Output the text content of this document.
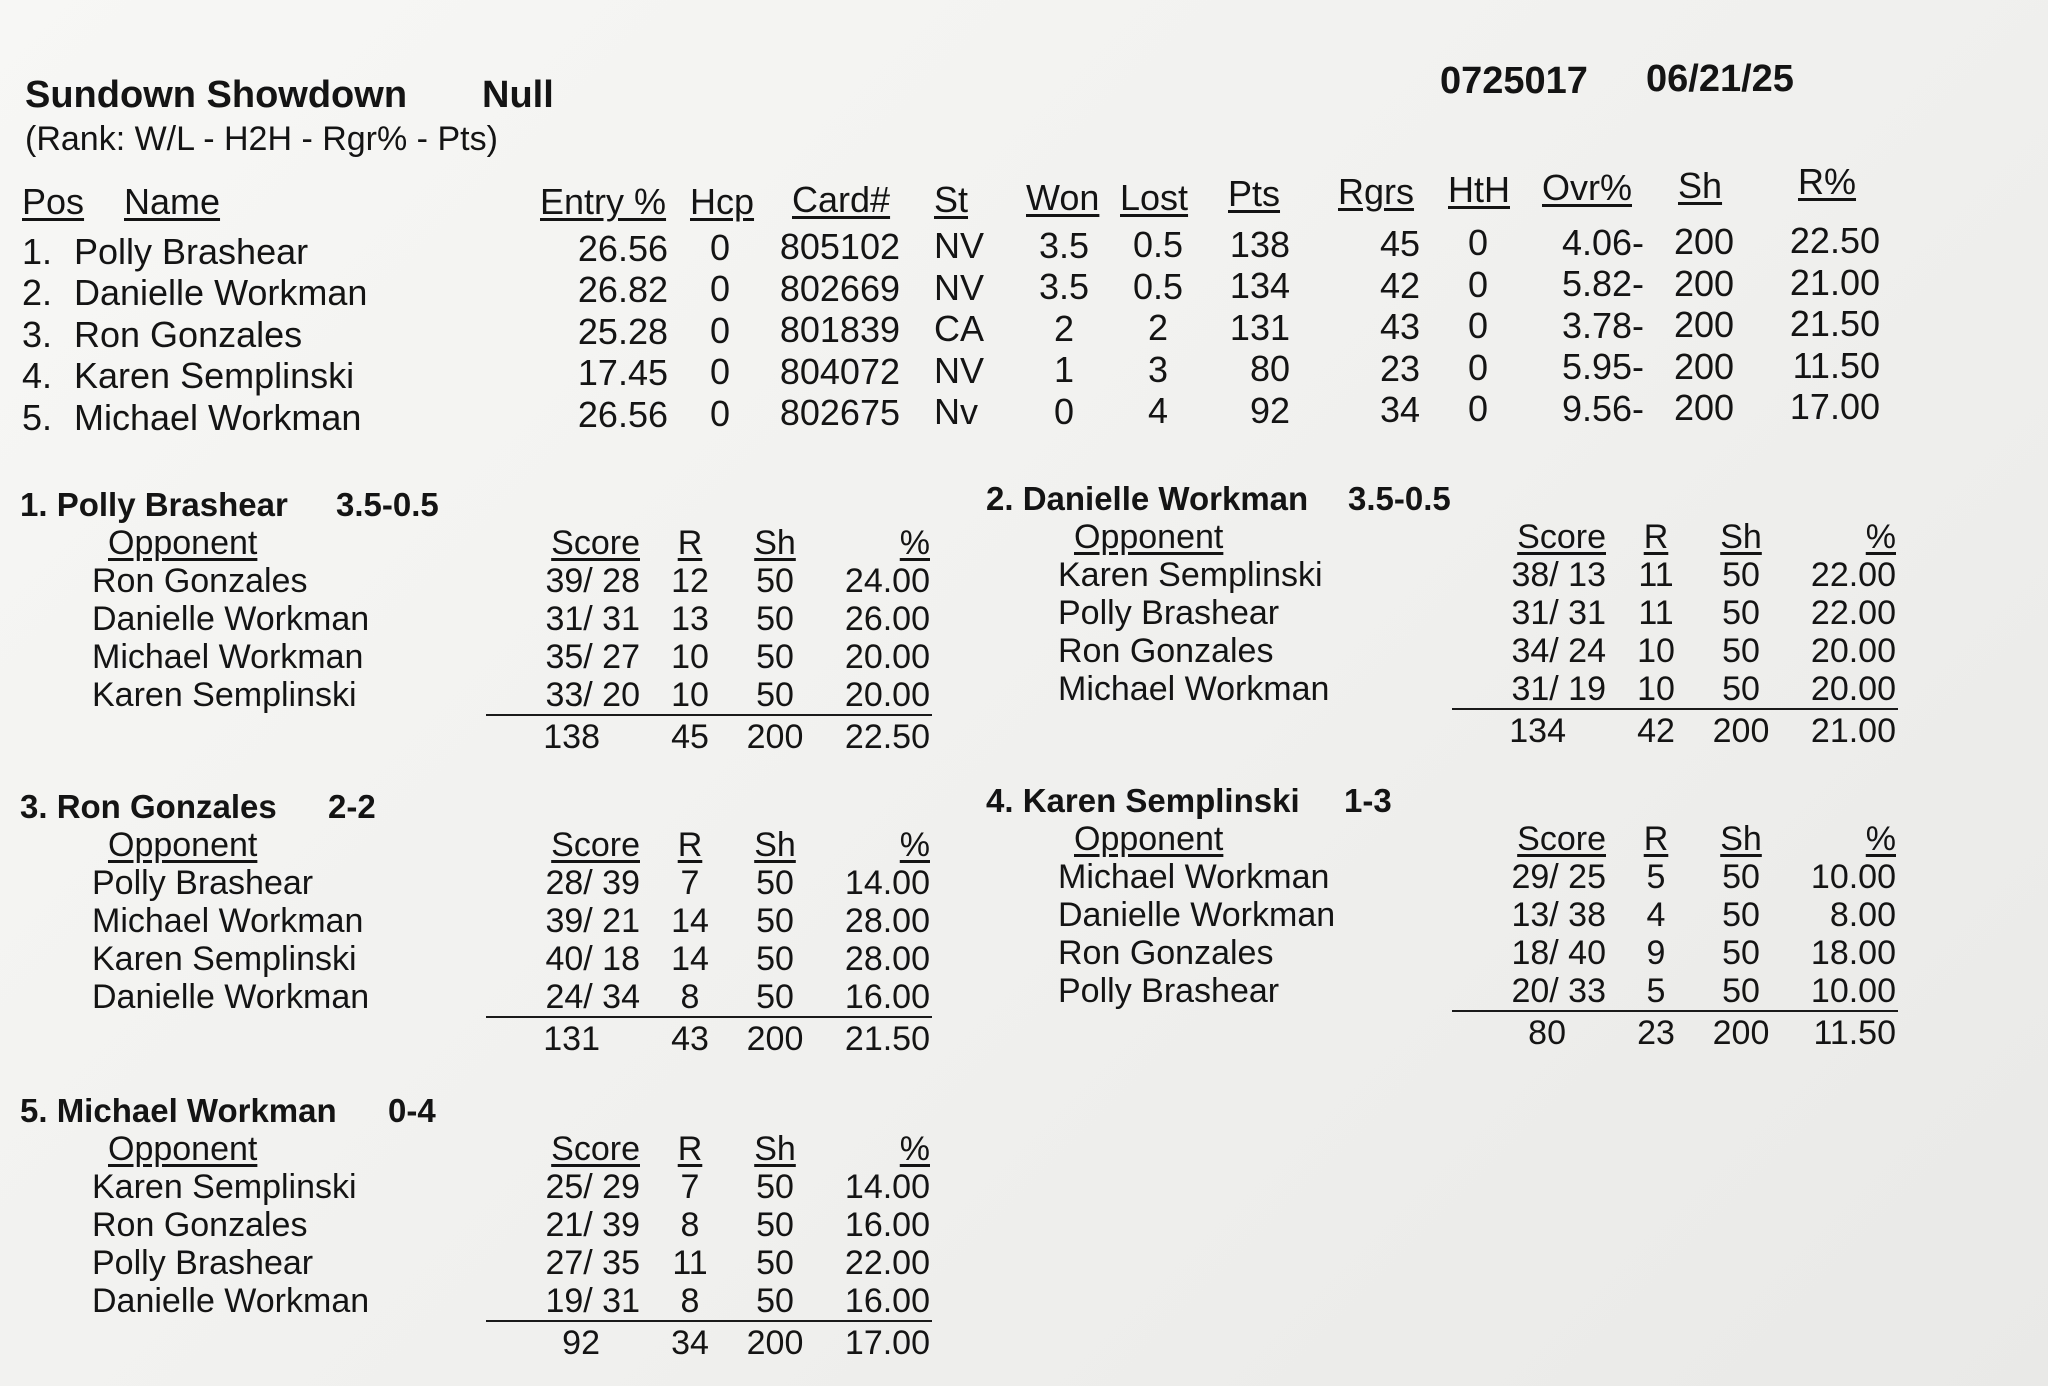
Sundown Showdown Null
(Rank: W/L - H2H - Rgr% - Pts)
0725017 06/21/25
Pos Name	Entry % Hcp Card# St Won Lost Pts Rgrs HtH Ovr% Sh R%
1. Polly Brashear	26.56	0	805102 NV	3.5	0.5	138	45	0	4.06- 200	22.50
2. Danielle Workman	26.82	0	802669 NV	3.5	0.5	134	42	0	5.82- 200	21.00
3. Ron Gonzales	25.28	0	801839 CA	2	2	131	43	0	3.78- 200	21.50
4. Karen Semplinski	17.45	0	804072 NV	1	3	80	23	0	5.95- 200	11.50
5. Michael Workman	26.56	0	802675 Nv	0	4	92	34	0	9.56- 200	17.00
1. Polly Brashear 3.5-0.5
Opponent	Score	R	Sh	%
Ron Gonzales	39/ 28 12	50	24.00
Danielle Workman	31/ 31 13	50	26.00
Michael Workman	35/ 27 10	50	20.00
Karen Semplinski	33/ 20 10	50	20.00
138	45	200	22.50
2. Danielle Workman 3.5-0.5
Opponent	Score	R	Sh	%
Karen Semplinski	38/ 13 11	50	22.00
Polly Brashear	31/ 31 11	50	22.00
Ron Gonzales	34/ 24 10	50	20.00
Michael Workman	31/ 19 10	50	20.00
134	42	200	21.00
3. Ron Gonzales 2-2
Opponent	Score	R	Sh	%
Polly Brashear	28/ 39	7	50	14.00
Michael Workman	39/ 21 14	50	28.00
Karen Semplinski	40/ 18 14	50	28.00
Danielle Workman	24/ 34	8	50	16.00
131	43	200	21.50
4. Karen Semplinski 1-3
Opponent	Score	R	Sh	%
Michael Workman	29/ 25	5	50	10.00
Danielle Workman	13/ 38	4	50	8.00
Ron Gonzales	18/ 40	9	50	18.00
Polly Brashear	20/ 33	5	50	10.00
80	23	200	11.50
5. Michael Workman 0-4
Opponent	Score	R	Sh	%
Karen Semplinski	25/ 29	7	50	14.00
Ron Gonzales	21/ 39	8	50	16.00
Polly Brashear	27/ 35 11	50	22.00
Danielle Workman	19/ 31	8	50	16.00
92	34	200	17.00
